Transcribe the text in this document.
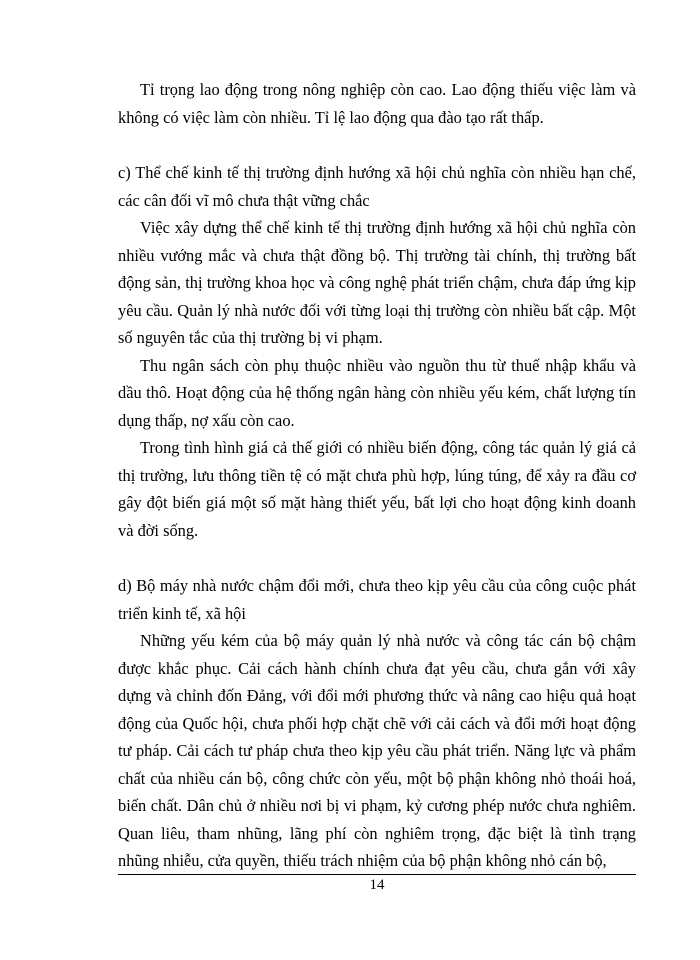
Tỉ trọng lao động trong nông nghiệp còn cao. Lao động thiếu việc làm và không có việc làm còn nhiều. Tỉ lệ lao động qua đào tạo rất thấp.

c) Thể chế kinh tế thị trường định hướng xã hội chủ nghĩa còn nhiều hạn chế, các cân đối vĩ mô chưa thật vững chắc

Việc xây dựng thể chế kinh tế thị trường định hướng xã hội chủ nghĩa còn nhiều vướng mắc và chưa thật đồng bộ. Thị trường tài chính, thị trường bất động sản, thị trường khoa học và công nghệ phát triển chậm, chưa đáp ứng kịp yêu cầu. Quản lý nhà nước đối với từng loại thị trường còn nhiều bất cập. Một số nguyên tắc của thị trường bị vi phạm.

Thu ngân sách còn phụ thuộc nhiều vào nguồn thu từ thuế nhập khẩu và dầu thô. Hoạt động của hệ thống ngân hàng còn nhiều yếu kém, chất lượng tín dụng thấp, nợ xấu còn cao.

Trong tình hình giá cả thế giới có nhiều biến động, công tác quản lý giá cả thị trường, lưu thông tiền tệ có mặt chưa phù hợp, lúng túng, để xảy ra đầu cơ gây đột biến giá một số mặt hàng thiết yếu, bất lợi cho hoạt động kinh doanh và đời sống.

d) Bộ máy nhà nước chậm đổi mới, chưa theo kịp yêu cầu của công cuộc phát triển kinh tế, xã hội

Những yếu kém của bộ máy quản lý nhà nước và công tác cán bộ chậm được khắc phục. Cải cách hành chính chưa đạt yêu cầu, chưa gắn với xây dựng và chỉnh đốn Đảng, với đổi mới phương thức và nâng cao hiệu quả hoạt động của Quốc hội, chưa phối hợp chặt chẽ với cải cách và đổi mới hoạt động tư pháp. Cải cách tư pháp chưa theo kịp yêu cầu phát triển. Năng lực và phẩm chất của nhiều cán bộ, công chức còn yếu, một bộ phận không nhỏ thoái hoá, biến chất. Dân chủ ở nhiều nơi bị vi phạm, kỷ cương phép nước chưa nghiêm. Quan liêu, tham nhũng, lãng phí còn nghiêm trọng, đặc biệt là tình trạng nhũng nhiễu, cửa quyền, thiếu trách nhiệm của bộ phận không nhỏ cán bộ,

14
